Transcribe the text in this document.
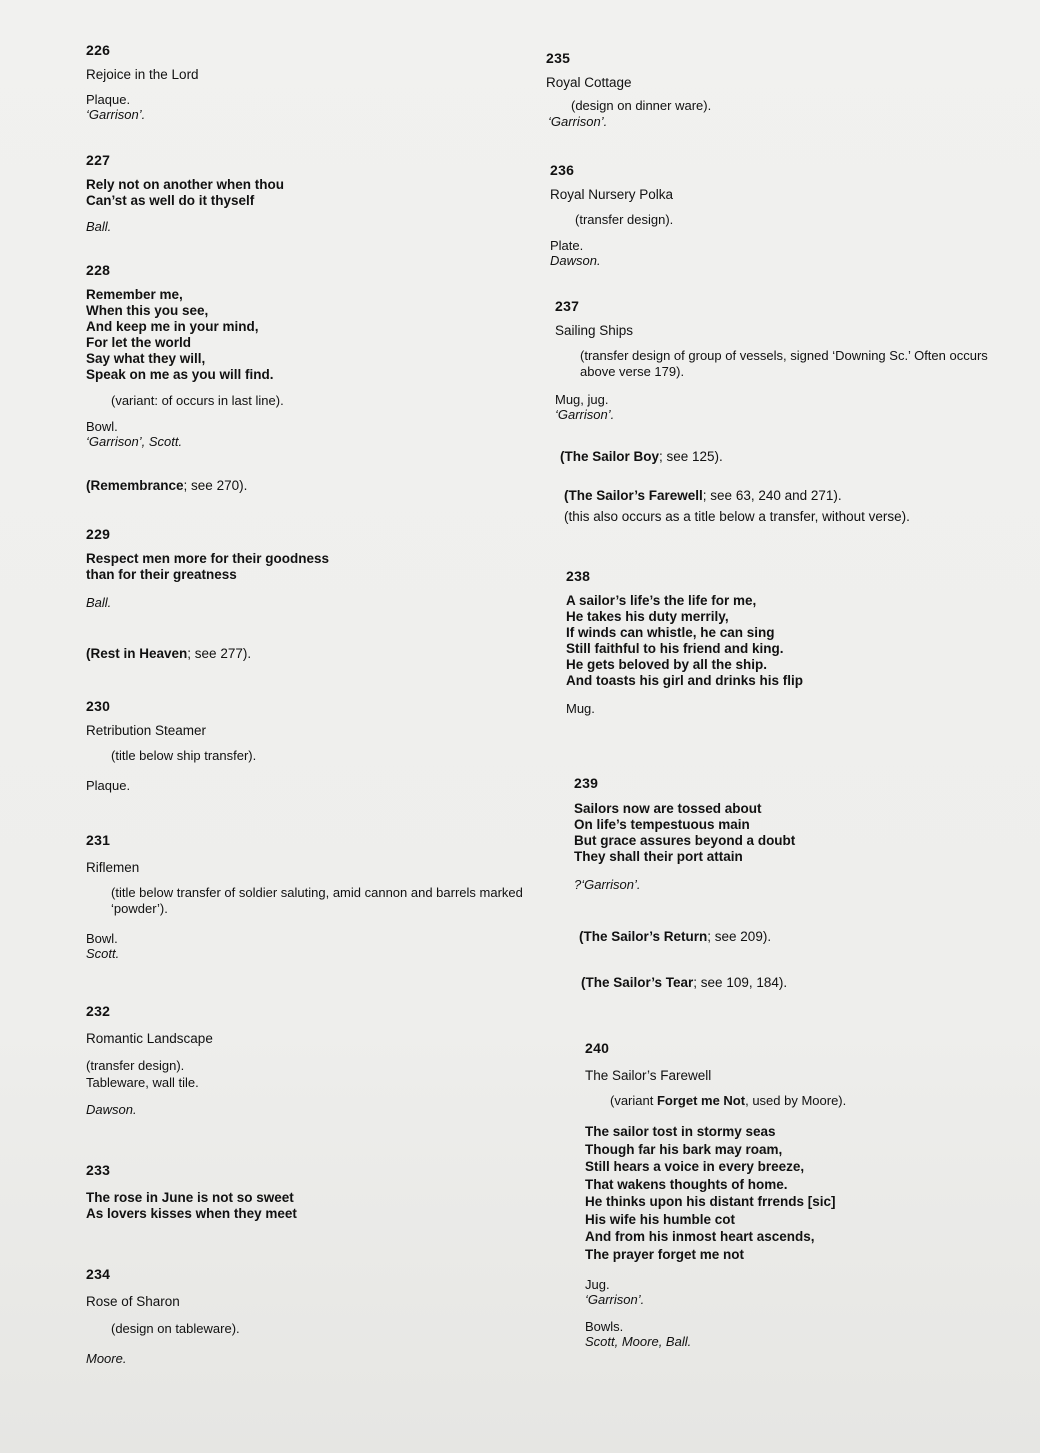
226
Rejoice in the Lord
Plaque.
‘Garrison’.
227
Rely not on another when thou
Can’st as well do it thyself
Ball.
228
Remember me,
When this you see,
And keep me in your mind,
For let the world
Say what they will,
Speak on me as you will find.
(variant: of occurs in last line).
Bowl.
‘Garrison’, Scott.
(Remembrance; see 270).
229
Respect men more for their goodness
than for their greatness
Ball.
(Rest in Heaven; see 277).
230
Retribution Steamer
(title below ship transfer).
Plaque.
231
Riflemen
(title below transfer of soldier saluting, amid cannon and barrels marked ‘powder’).
Bowl.
Scott.
232
Romantic Landscape
(transfer design).
Tableware, wall tile.
Dawson.
233
The rose in June is not so sweet
As lovers kisses when they meet
234
Rose of Sharon
(design on tableware).
Moore.
235
Royal Cottage
(design on dinner ware).
‘Garrison’.
236
Royal Nursery Polka
(transfer design).
Plate.
Dawson.
237
Sailing Ships
(transfer design of group of vessels, signed ‘Downing Sc.’ Often occurs above verse 179).
Mug, jug.
‘Garrison’.
(The Sailor Boy; see 125).
(The Sailor’s Farewell; see 63, 240 and 271).
(this also occurs as a title below a transfer, without verse).
238
A sailor’s life’s the life for me,
He takes his duty merrily,
If winds can whistle, he can sing
Still faithful to his friend and king.
He gets beloved by all the ship.
And toasts his girl and drinks his flip
Mug.
239
Sailors now are tossed about
On life’s tempestuous main
But grace assures beyond a doubt
They shall their port attain
?‘Garrison’.
(The Sailor’s Return; see 209).
(The Sailor’s Tear; see 109, 184).
240
The Sailor’s Farewell
(variant Forget me Not, used by Moore).
The sailor tost in stormy seas
Though far his bark may roam,
Still hears a voice in every breeze,
That wakens thoughts of home.
He thinks upon his distant frrends [sic]
His wife his humble cot
And from his inmost heart ascends,
The prayer forget me not
Jug.
‘Garrison’.
Bowls.
Scott, Moore, Ball.
